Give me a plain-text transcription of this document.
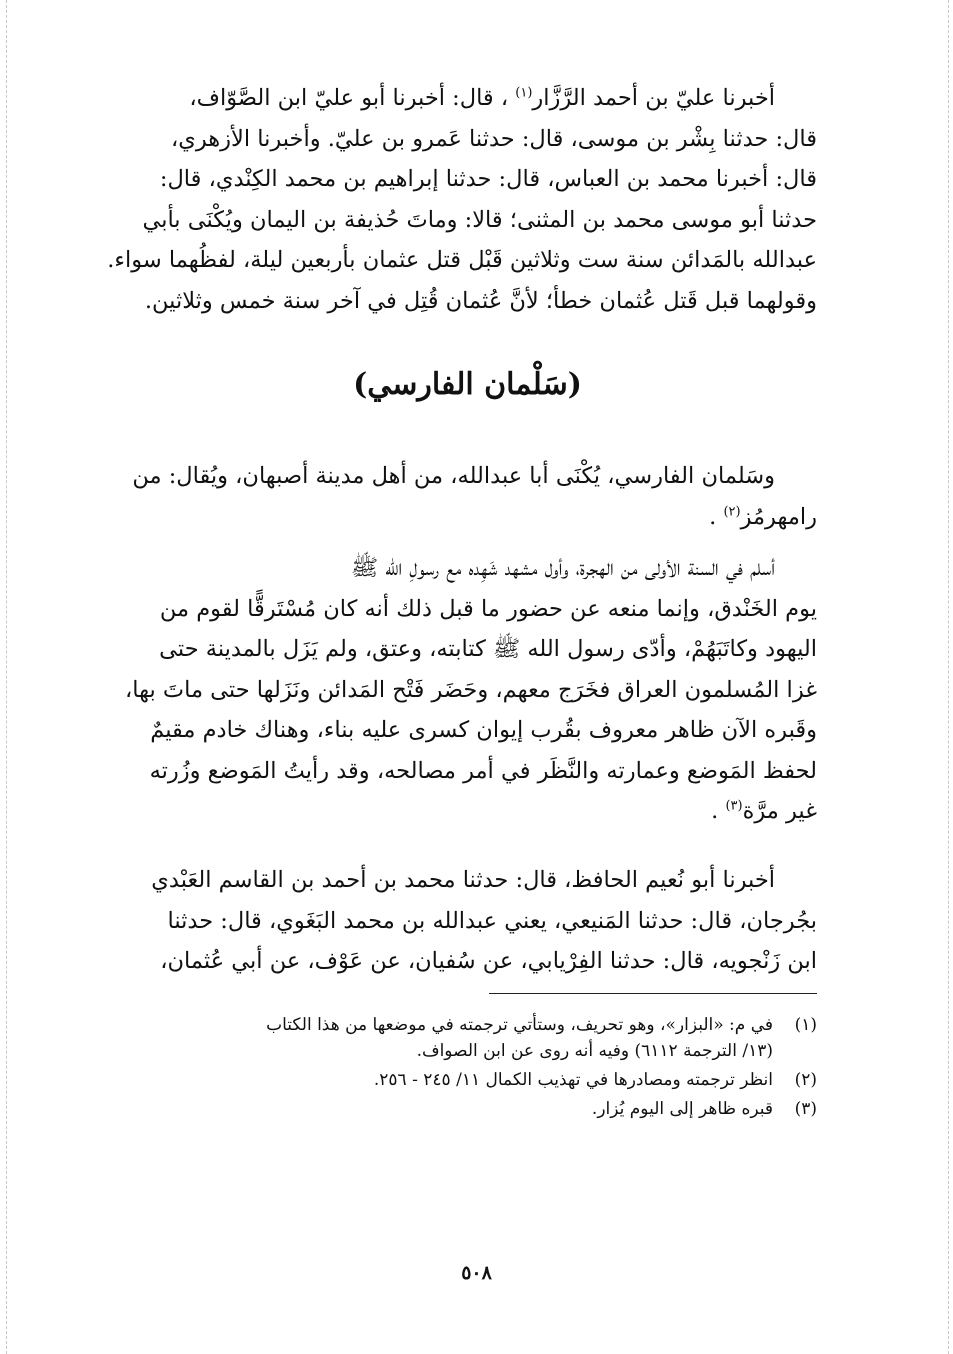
أخبرنا عليّ بن أحمد الرَّزَّار$^{(١)}$ ، قال: أخبرنا أبو عليّ ابن الصَّوّاف،
قال: حدثنا بِشْر بن موسى، قال: حدثنا عَمرو بن عليّ. وأخبرنا الأزهري،
قال: أخبرنا محمد بن العباس، قال: حدثنا إبراهيم بن محمد الكِنْدي، قال:
حدثنا أبو موسى محمد بن المثنى؛ قالا: وماتَ حُذيفة بن اليمان ويُكْنَى بأبي
عبدالله بالمَدائن سنة ست وثلاثين قَبْل قتل عثمان بأربعين ليلة، لفظُهما سواء.
وقولهما قبل قَتل عُثمان خطأ؛ لأنَّ عُثمان قُتِل في آخر سنة خمس وثلاثين.
(سَلْمان الفارسي)
وسَلمان الفارسي، يُكْنَى أبا عبدالله، من أهل مدينة أصبهان، ويُقال: من
رامهرمُز$^{(٢)}$ .
أسلم في السنة الأولى من الهجرة، وأول مشهد شَهِده مع رسولِ الله ﷺ
يوم الخَنْدق، وإنما منعه عن حضور ما قبل ذلك أنه كان مُسْتَرقًّا لقوم من
اليهود وكاتَبَهُمْ، وأدّى رسول الله ﷺ كتابته، وعتق، ولم يَزَل بالمدينة حتى
غزا المُسلمون العراق فخَرَج معهم، وحَضَر فَتْح المَدائن ونَزَلها حتى ماتَ بها،
وقَبره الآن ظاهر معروف بقُرب إيوان كسرى عليه بناء، وهناك خادم مقيمٌ
لحفظ المَوضع وعمارته والنَّظَر في أمر مصالحه، وقد رأيتُ المَوضع وزُرته
غير مرَّة$^{(٣)}$ .
أخبرنا أبو نُعيم الحافظ، قال: حدثنا محمد بن أحمد بن القاسم العَبْدي
بجُرجان، قال: حدثنا المَنيعي، يعني عبدالله بن محمد البَغَوي، قال: حدثنا
ابن زَنْجويه، قال: حدثنا الفِرْيابي، عن سُفيان، عن عَوْف، عن أبي عُثمان،
(١)
في م: «البزار»، وهو تحريف، وستأتي ترجمته في موضعها من هذا الكتاب
(١٣/ الترجمة ٦١١٢) وفيه أنه روى عن ابن الصواف.
(٢)
انظر ترجمته ومصادرها في تهذيب الكمال ١١/ ٢٤٥ - ٢٥٦.
(٣)
قبره ظاهر إلى اليوم يُزار.
٥٠٨
